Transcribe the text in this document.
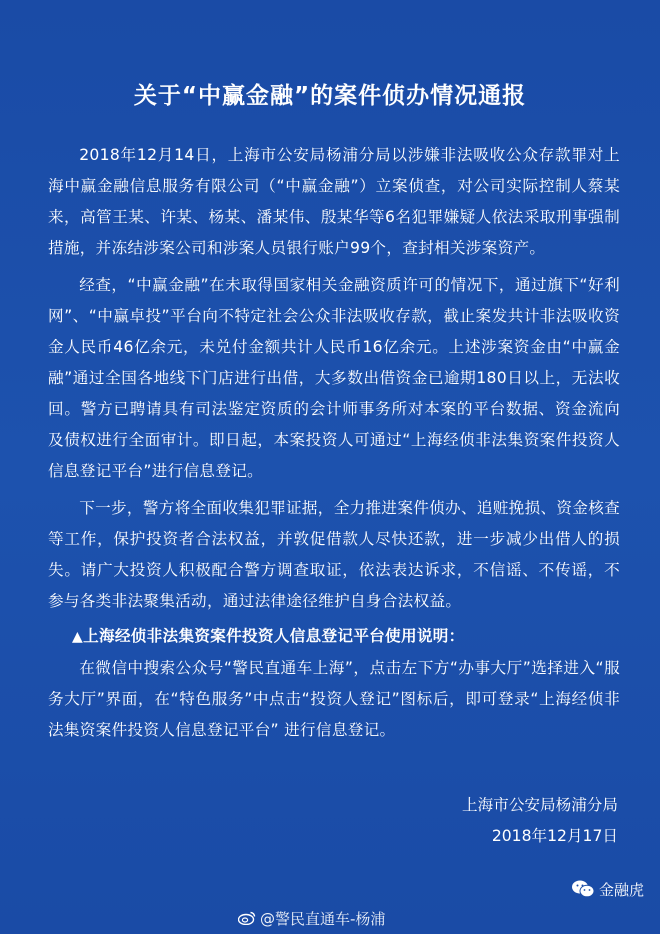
关于“中赢金融”的案件侦办情况通报

2018年12月14日，上海市公安局杨浦分局以涉嫌非法吸收公众存款罪对上海中赢金融信息服务有限公司（“中赢金融”）立案侦查，对公司实际控制人蔡某来，高管王某、许某、杨某、潘某伟、殷某华等6名犯罪嫌疑人依法采取刑事强制措施，并冻结涉案公司和涉案人员银行账户99个，查封相关涉案资产。

经查，“中赢金融”在未取得国家相关金融资质许可的情况下，通过旗下“好利网”、“中赢卓投”平台向不特定社会公众非法吸收存款，截止案发共计非法吸收资金人民币46亿余元，未兑付金额共计人民币16亿余元。上述涉案资金由“中赢金融”通过全国各地线下门店进行出借，大多数出借资金已逾期180日以上，无法收回。警方已聘请具有司法鉴定资质的会计师事务所对本案的平台数据、资金流向及债权进行全面审计。即日起，本案投资人可通过“上海经侦非法集资案件投资人信息登记平台”进行信息登记。

下一步，警方将全面收集犯罪证据，全力推进案件侦办、追赃挽损、资金核查等工作，保护投资者合法权益，并敦促借款人尽快还款，进一步减少出借人的损失。请广大投资人积极配合警方调查取证，依法表达诉求，不信谣、不传谣，不参与各类非法聚集活动，通过法律途径维护自身合法权益。

▲上海经侦非法集资案件投资人信息登记平台使用说明：

在微信中搜索公众号“警民直通车上海”，点击左下方“办事大厅”选择进入“服务大厅”界面，在“特色服务”中点击“投资人登记”图标后，即可登录“上海经侦非法集资案件投资人信息登记平台” 进行信息登记。

上海市公安局杨浦分局
2018年12月17日
金融虎
@警民直通车-杨浦
